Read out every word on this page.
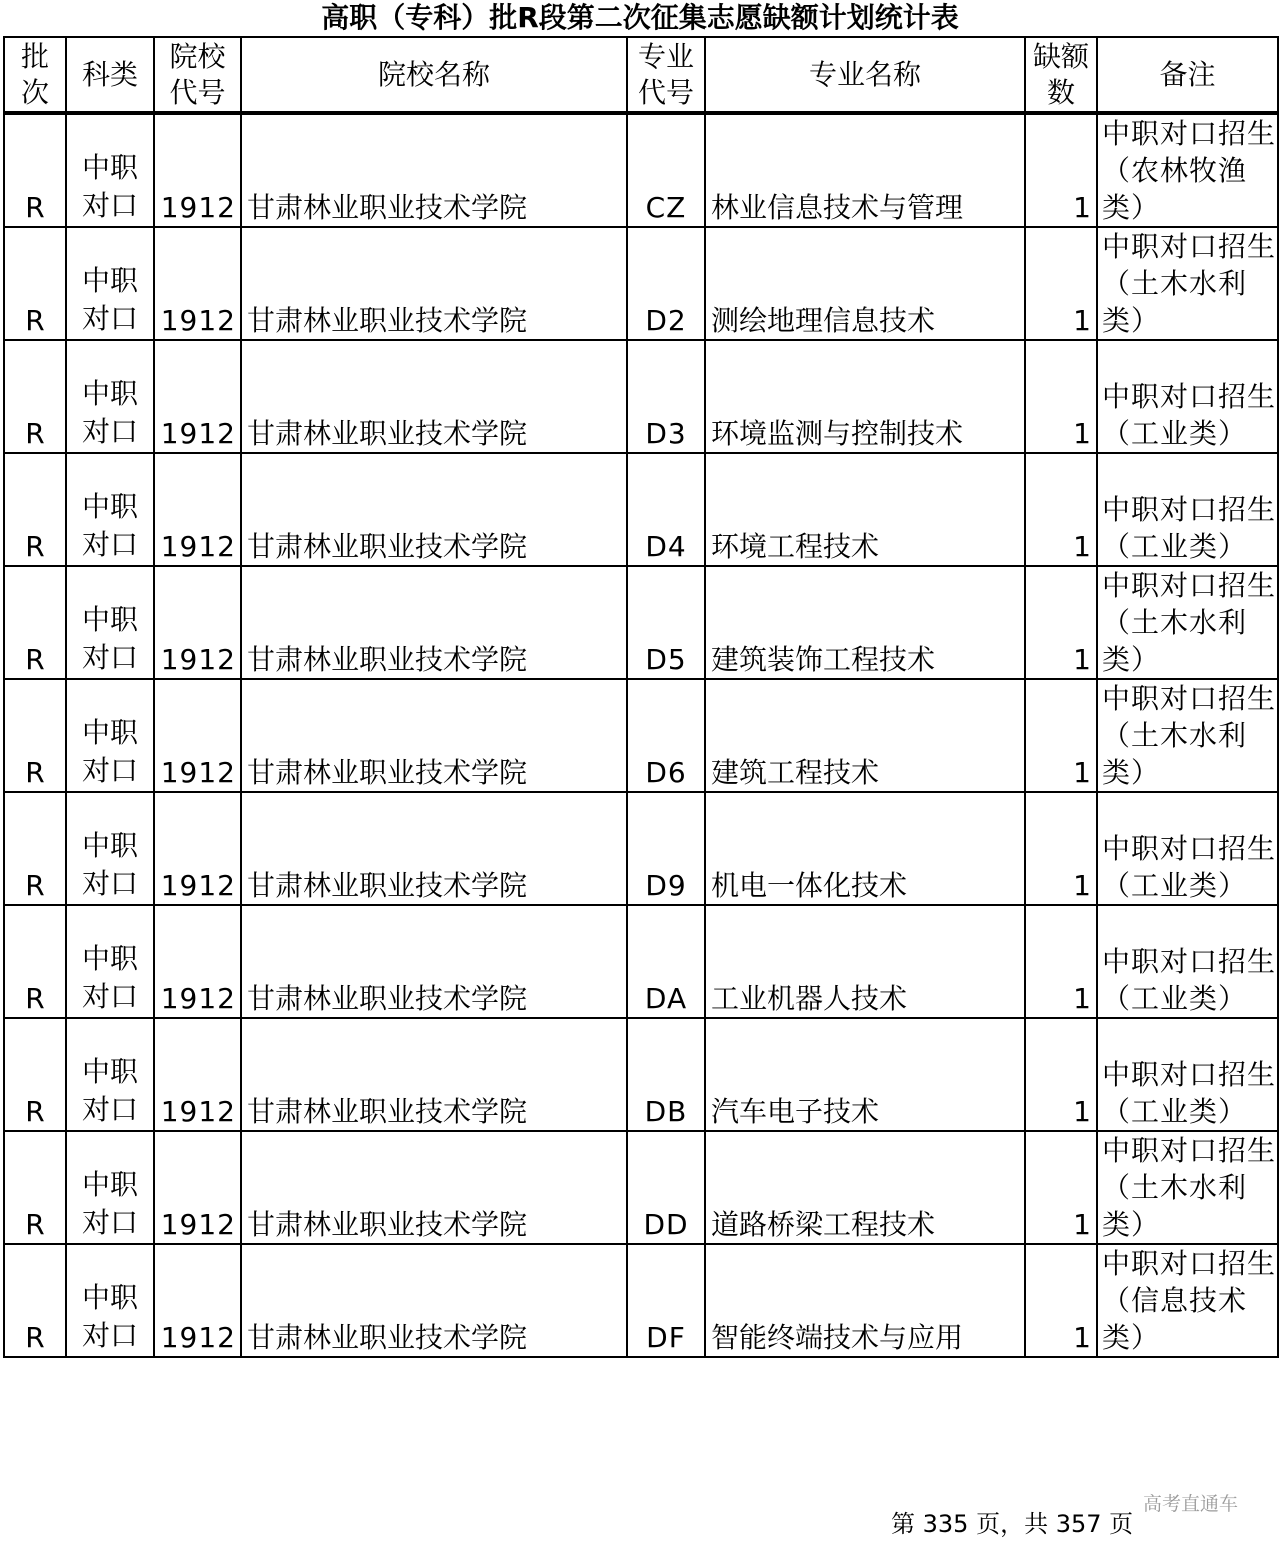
高职（专科）批R段第二次征集志愿缺额计划统计表
批次	科类	院校代号	院校名称	专业代号	专业名称	缺额数	备注
R	中职对口	1912	甘肃林业职业技术学院	CZ	林业信息技术与管理	1	中职对口招生（农林牧渔类）

R	中职对口	1912	甘肃林业职业技术学院	D2	测绘地理信息技术	1	中职对口招生（土木水利类）

R	中职对口	1912	甘肃林业职业技术学院	D3	环境监测与控制技术	1	中职对口招生（工业类）

R	中职对口	1912	甘肃林业职业技术学院	D4	环境工程技术	1	中职对口招生（工业类）

R	中职对口	1912	甘肃林业职业技术学院	D5	建筑装饰工程技术	1	中职对口招生（土木水利类）

R	中职对口	1912	甘肃林业职业技术学院	D6	建筑工程技术	1	中职对口招生（土木水利类）

R	中职对口	1912	甘肃林业职业技术学院	D9	机电一体化技术	1	中职对口招生（工业类）

R	中职对口	1912	甘肃林业职业技术学院	DA	工业机器人技术	1	中职对口招生（工业类）

R	中职对口	1912	甘肃林业职业技术学院	DB	汽车电子技术	1	中职对口招生（工业类）

R	中职对口	1912	甘肃林业职业技术学院	DD	道路桥梁工程技术	1	中职对口招生（土木水利类）

R	中职对口	1912	甘肃林业职业技术学院	DF	智能终端技术与应用	1	中职对口招生（信息技术类）
高考直通车
第 335 页，共 357 页
